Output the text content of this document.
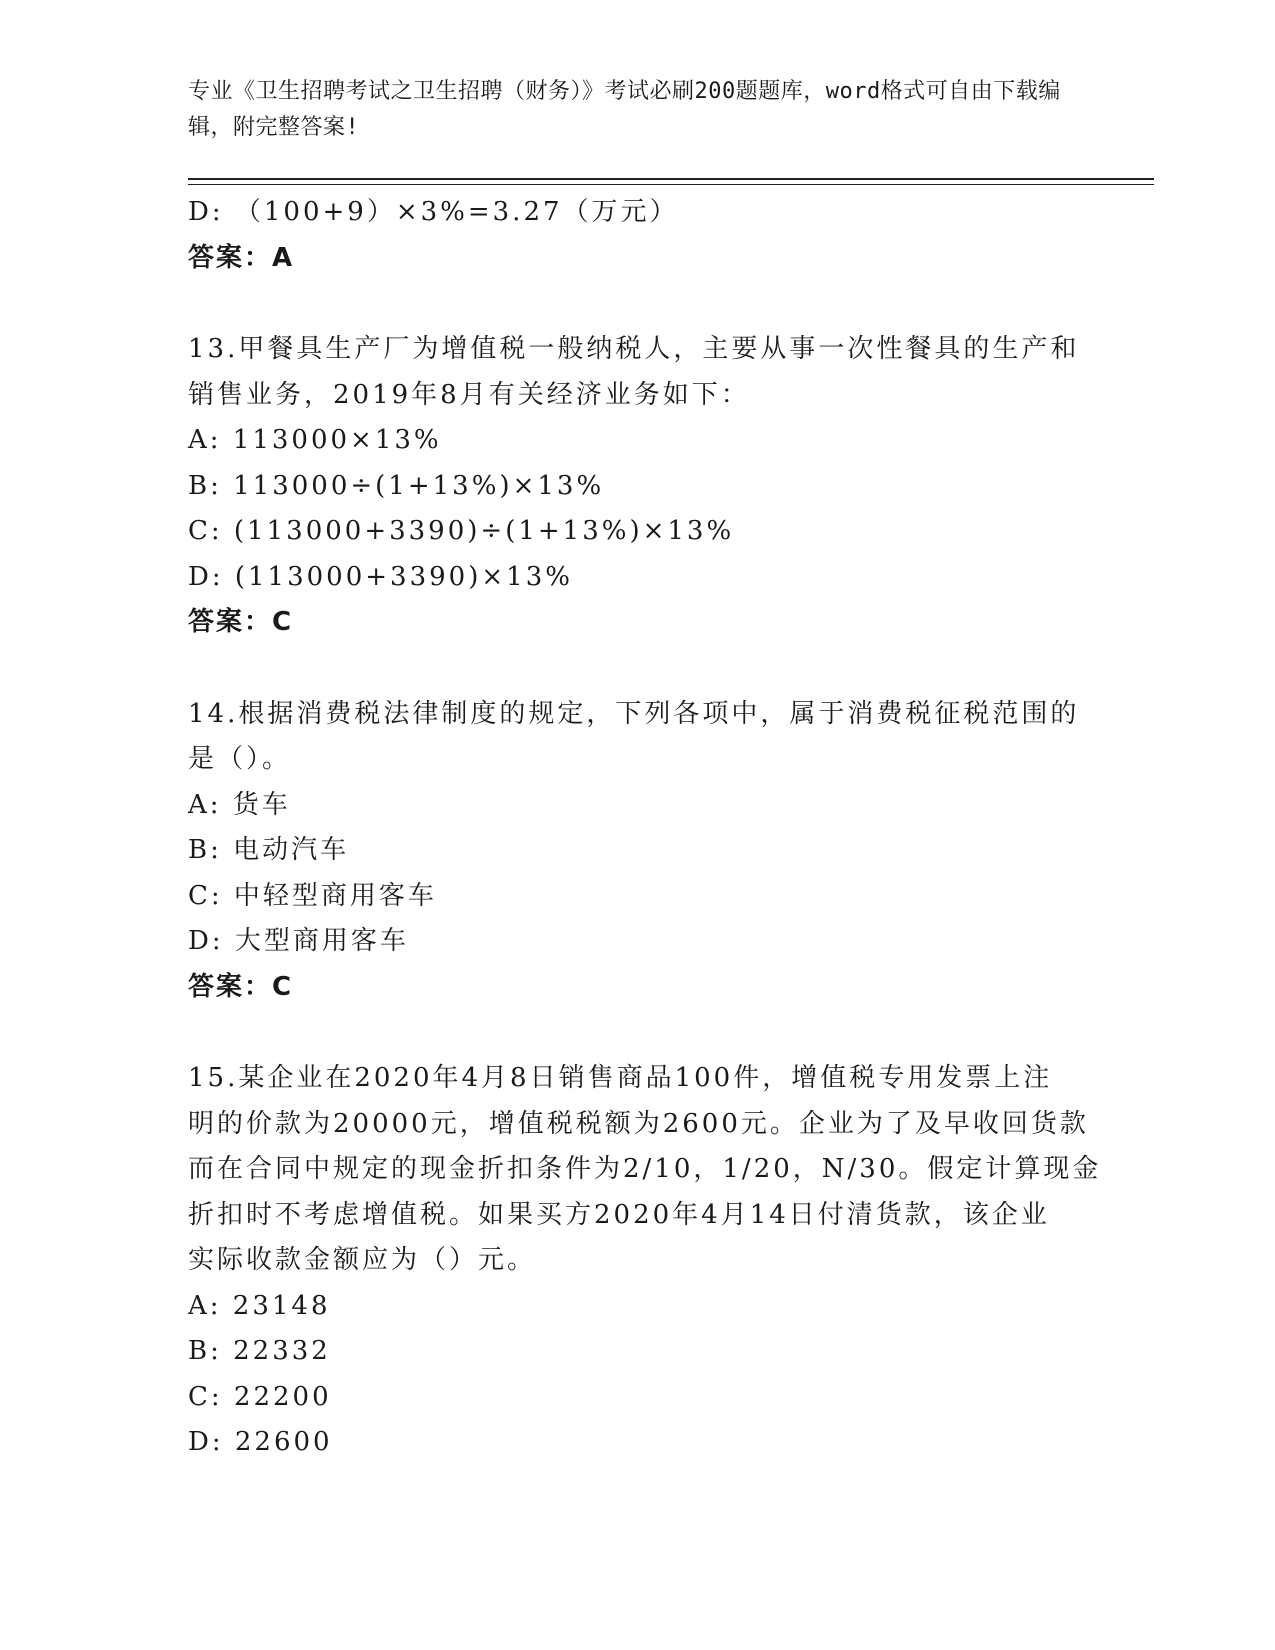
专业《卫生招聘考试之卫生招聘（财务）》考试必刷200题题库，word格式可自由下载编辑，附完整答案!
D: （100+9）×3%=3.27（万元）
答案：A
13.甲餐具生产厂为增值税一般纳税人，主要从事一次性餐具的生产和
销售业务，2019年8月有关经济业务如下：
A: 113000×13%
B: 113000÷(1+13%)×13%
C: (113000+3390)÷(1+13%)×13%
D: (113000+3390)×13%
答案：C
14.根据消费税法律制度的规定，下列各项中，属于消费税征税范围的
是（）。
A: 货车
B: 电动汽车
C: 中轻型商用客车
D: 大型商用客车
答案：C
15.某企业在2020年4月8日销售商品100件，增值税专用发票上注
明的价款为20000元，增值税税额为2600元。企业为了及早收回货款
而在合同中规定的现金折扣条件为2/10，1/20，N/30。假定计算现金
折扣时不考虑增值税。如果买方2020年4月14日付清货款，该企业
实际收款金额应为（）元。
A: 23148
B: 22332
C: 22200
D: 22600
